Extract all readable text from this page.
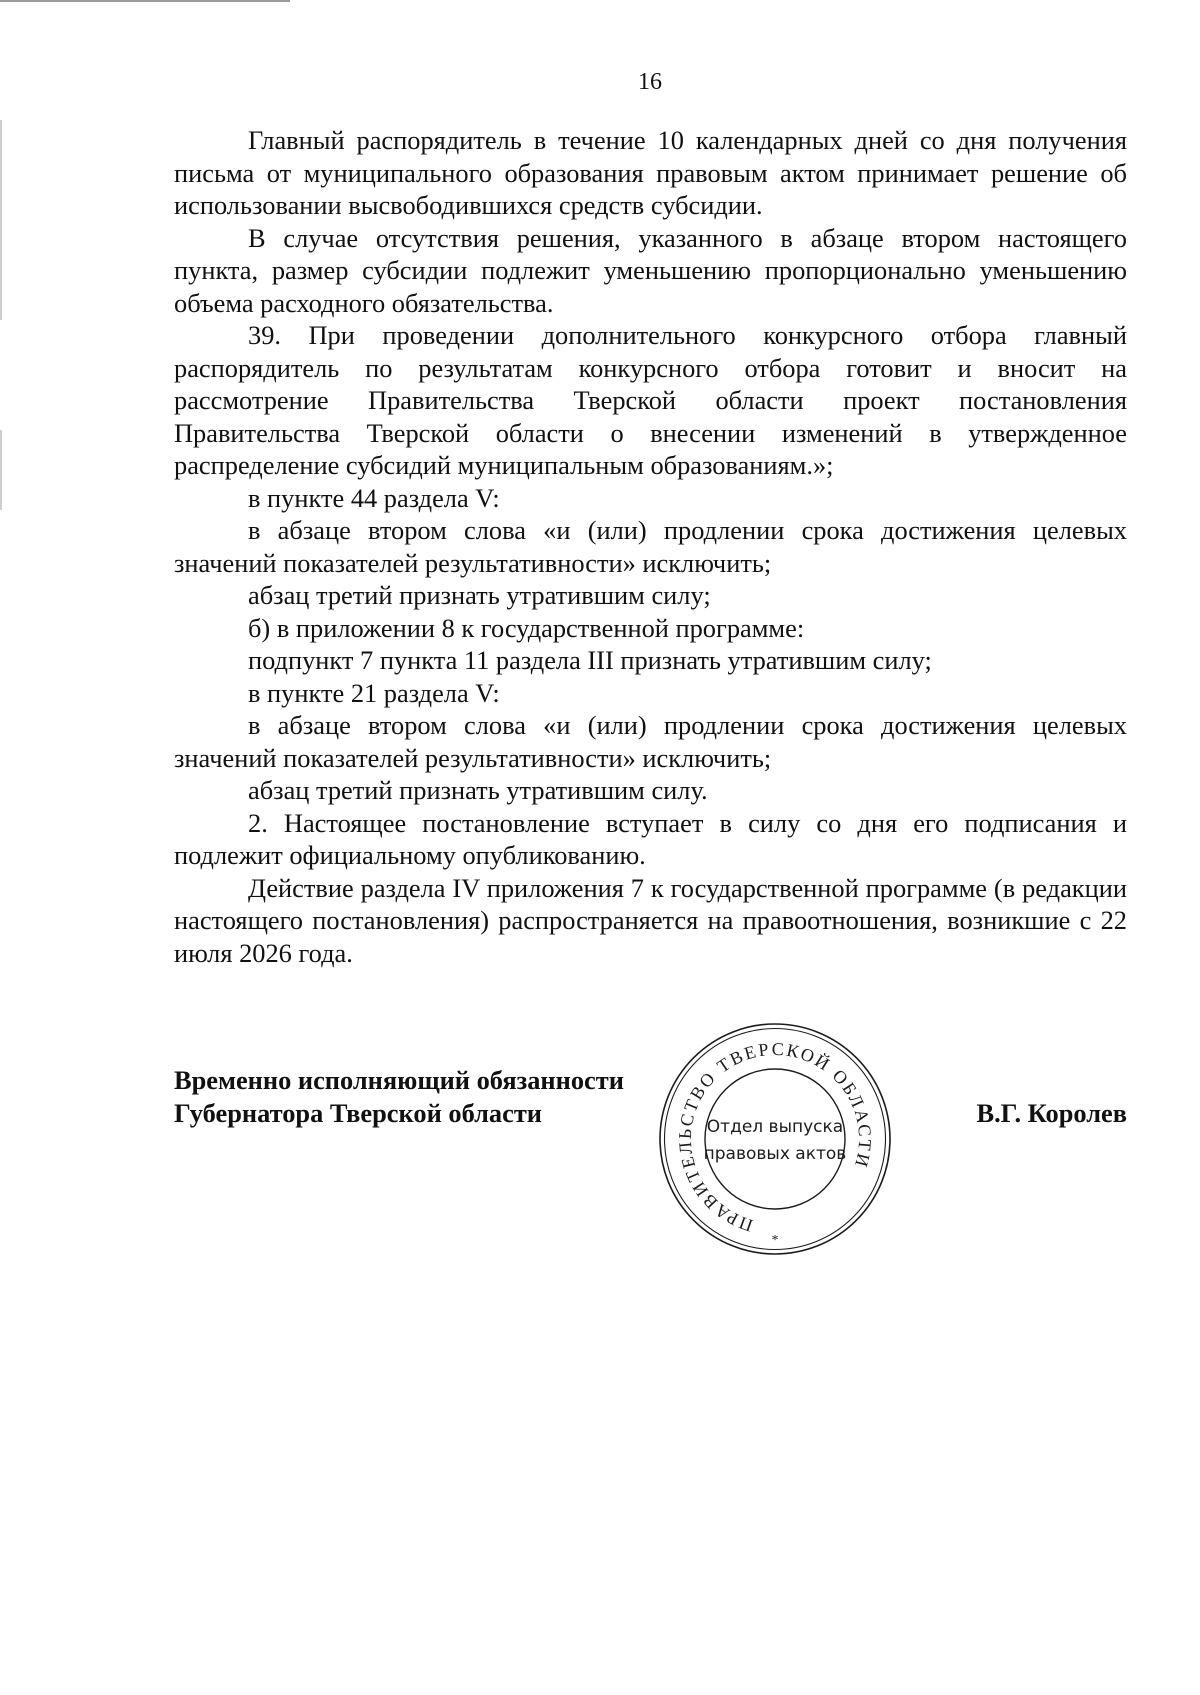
16

Главный распорядитель в течение 10 календарных дней со дня получения письма от муниципального образования правовым актом принимает решение об использовании высвободившихся средств субсидии.

В случае отсутствия решения, указанного в абзаце втором настоящего пункта, размер субсидии подлежит уменьшению пропорционально уменьшению объема расходного обязательства.

39. При проведении дополнительного конкурсного отбора главный распорядитель по результатам конкурсного отбора готовит и вносит на рассмотрение Правительства Тверской области проект постановления Правительства Тверской области о внесении изменений в утвержденное распределение субсидий муниципальным образованиям.»;

в пункте 44 раздела V:

в абзаце втором слова «и (или) продлении срока достижения целевых значений показателей результативности» исключить;

абзац третий признать утратившим силу;

б) в приложении 8 к государственной программе:

подпункт 7 пункта 11 раздела III признать утратившим силу;

в пункте 21 раздела V:

в абзаце втором слова «и (или) продлении срока достижения целевых значений показателей результативности» исключить;

абзац третий признать утратившим силу.

2. Настоящее постановление вступает в силу со дня его подписания и подлежит официальному опубликованию.

Действие раздела IV приложения 7 к государственной программе (в редакции настоящего постановления) распространяется на правоотношения, возникшие с 22 июля 2026 года.

Временно исполняющий обязанности
Губернатора Тверской области	В.Г. Королев
ПРАВИТЕЛЬСТВО ТВЕРСКОЙ ОБЛАСТИ
Отдел выпуска
правовых актов
*
